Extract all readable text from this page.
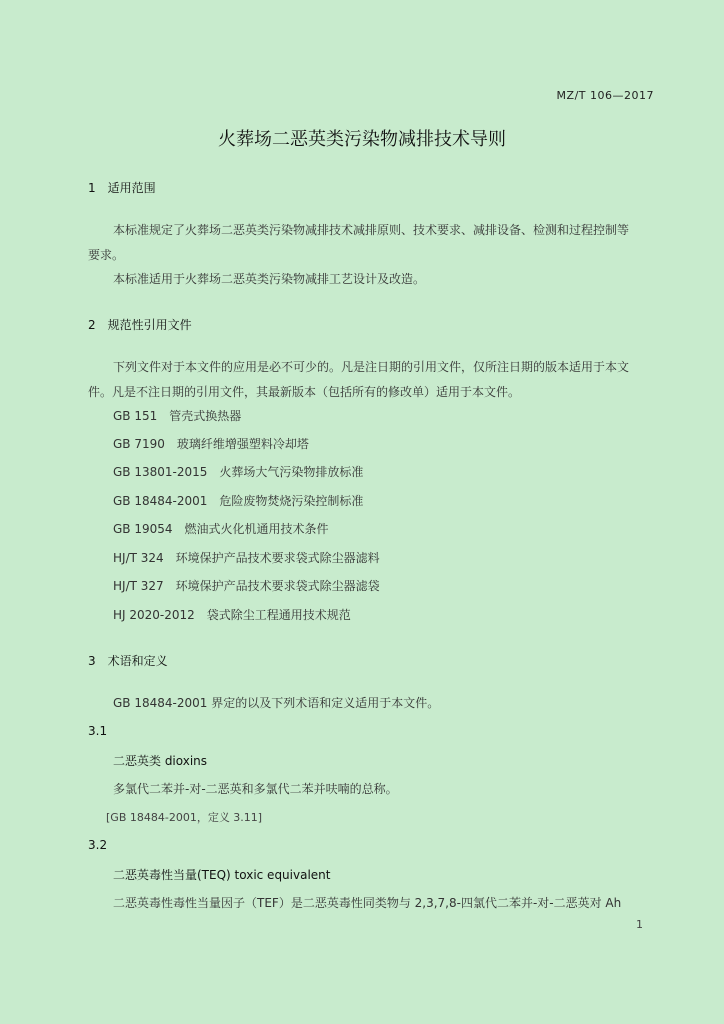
MZ/T 106—2017
火葬场二恶英类污染物减排技术导则
1　适用范围
本标准规定了火葬场二恶英类污染物减排技术减排原则、技术要求、减排设备、检测和过程控制等
要求。
本标准适用于火葬场二恶英类污染物减排工艺设计及改造。
2　规范性引用文件
下列文件对于本文件的应用是必不可少的。凡是注日期的引用文件，仅所注日期的版本适用于本文
件。凡是不注日期的引用文件，其最新版本（包括所有的修改单）适用于本文件。
GB 151　管壳式换热器
GB 7190　玻璃纤维增强塑料冷却塔
GB 13801-2015　火葬场大气污染物排放标准
GB 18484-2001　危险废物焚烧污染控制标准
GB 19054　燃油式火化机通用技术条件
HJ/T 324　环境保护产品技术要求袋式除尘器滤料
HJ/T 327　环境保护产品技术要求袋式除尘器滤袋
HJ 2020-2012　袋式除尘工程通用技术规范
3　术语和定义
GB 18484-2001 界定的以及下列术语和定义适用于本文件。
3.1
二恶英类 dioxins
多氯代二苯并-对-二恶英和多氯代二苯并呋喃的总称。
[GB 18484-2001，定义 3.11]
3.2
二恶英毒性当量(TEQ) toxic equivalent
二恶英毒性毒性当量因子（TEF）是二恶英毒性同类物与 2,3,7,8-四氯代二苯并-对-二恶英对 Ah
1
